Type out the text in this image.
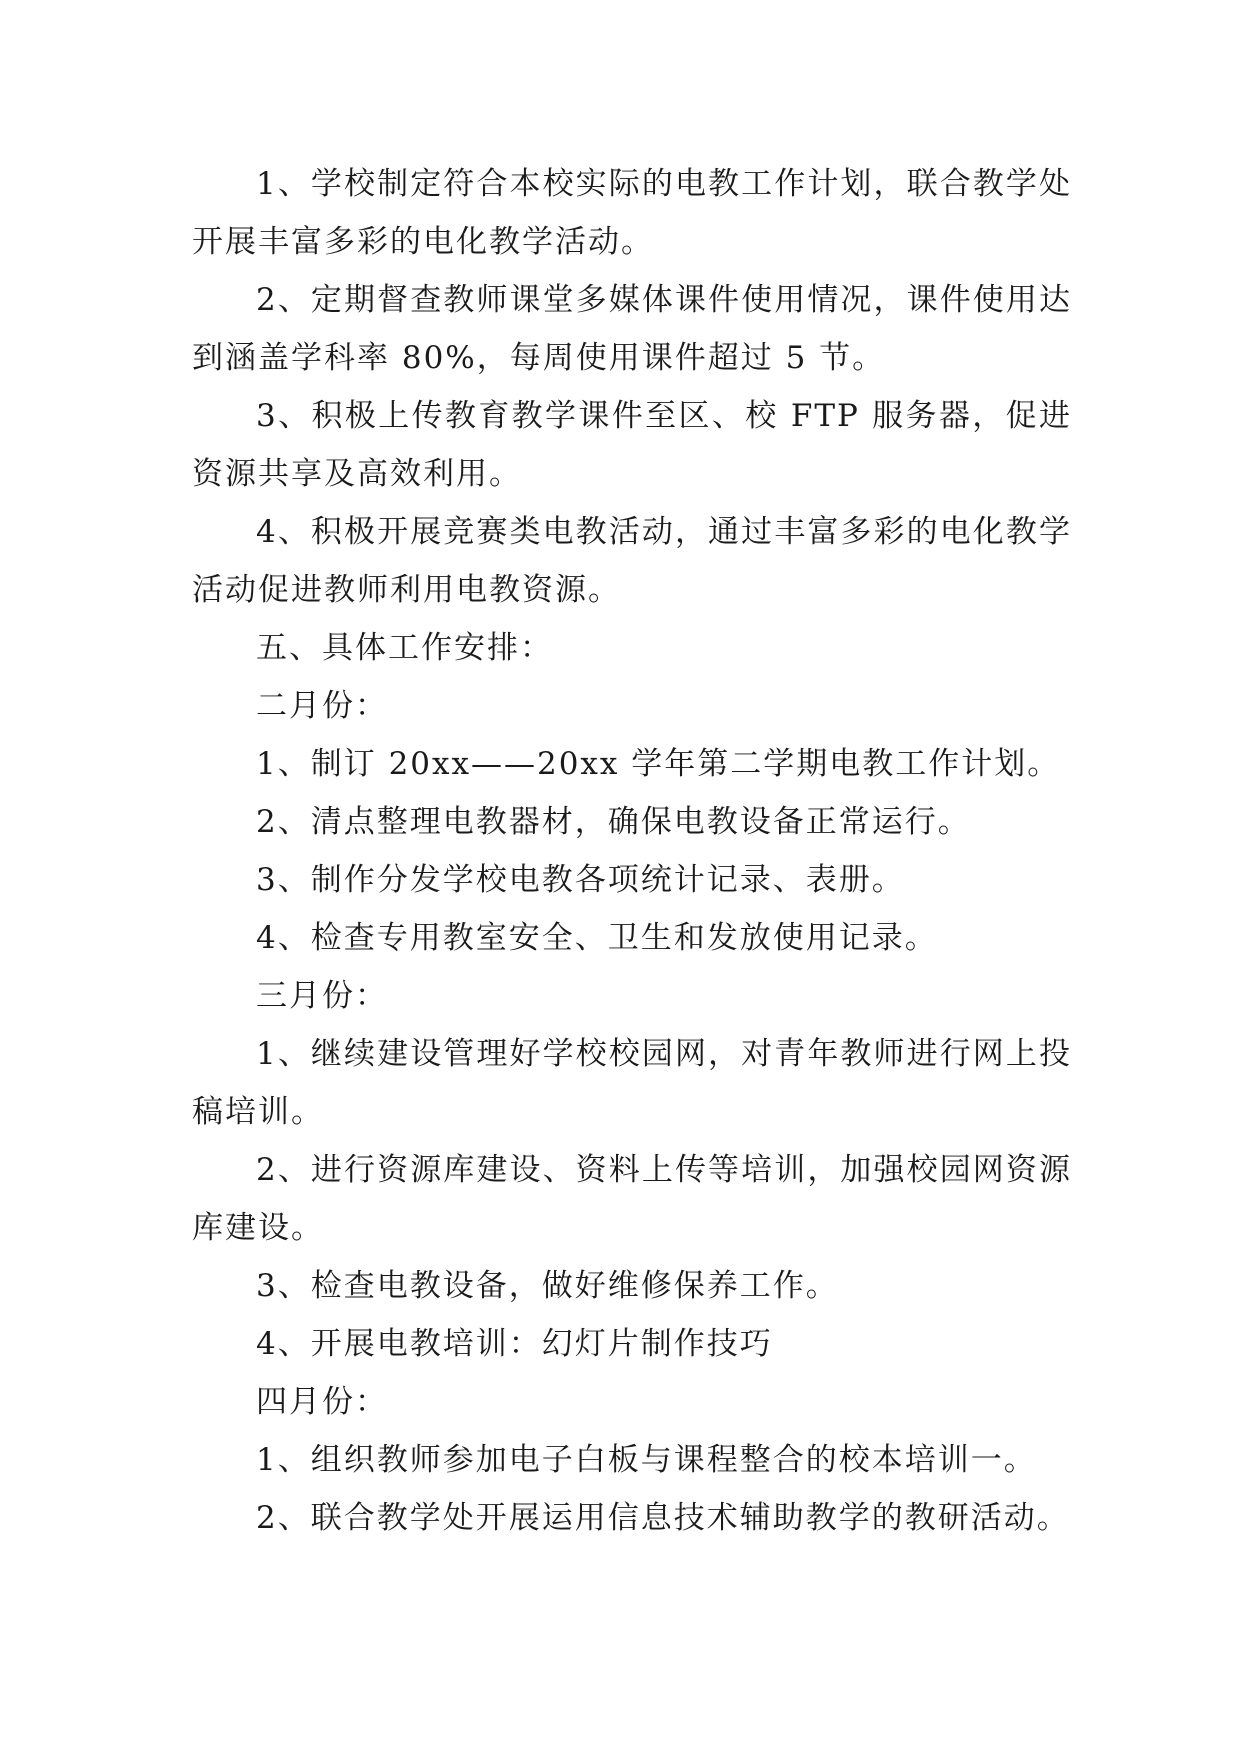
1、学校制定符合本校实际的电教工作计划，联合教学处开展丰富多彩的电化教学活动。

2、定期督查教师课堂多媒体课件使用情况，课件使用达到涵盖学科率 80%，每周使用课件超过 5 节。

3、积极上传教育教学课件至区、校 FTP 服务器，促进资源共享及高效利用。

4、积极开展竞赛类电教活动，通过丰富多彩的电化教学活动促进教师利用电教资源。

五、具体工作安排：

二月份：

1、制订 20xx——20xx 学年第二学期电教工作计划。

2、清点整理电教器材，确保电教设备正常运行。

3、制作分发学校电教各项统计记录、表册。

4、检查专用教室安全、卫生和发放使用记录。

三月份：

1、继续建设管理好学校校园网，对青年教师进行网上投稿培训。

2、进行资源库建设、资料上传等培训，加强校园网资源库建设。

3、检查电教设备，做好维修保养工作。

4、开展电教培训：幻灯片制作技巧

四月份：

1、组织教师参加电子白板与课程整合的校本培训一。

2、联合教学处开展运用信息技术辅助教学的教研活动。
